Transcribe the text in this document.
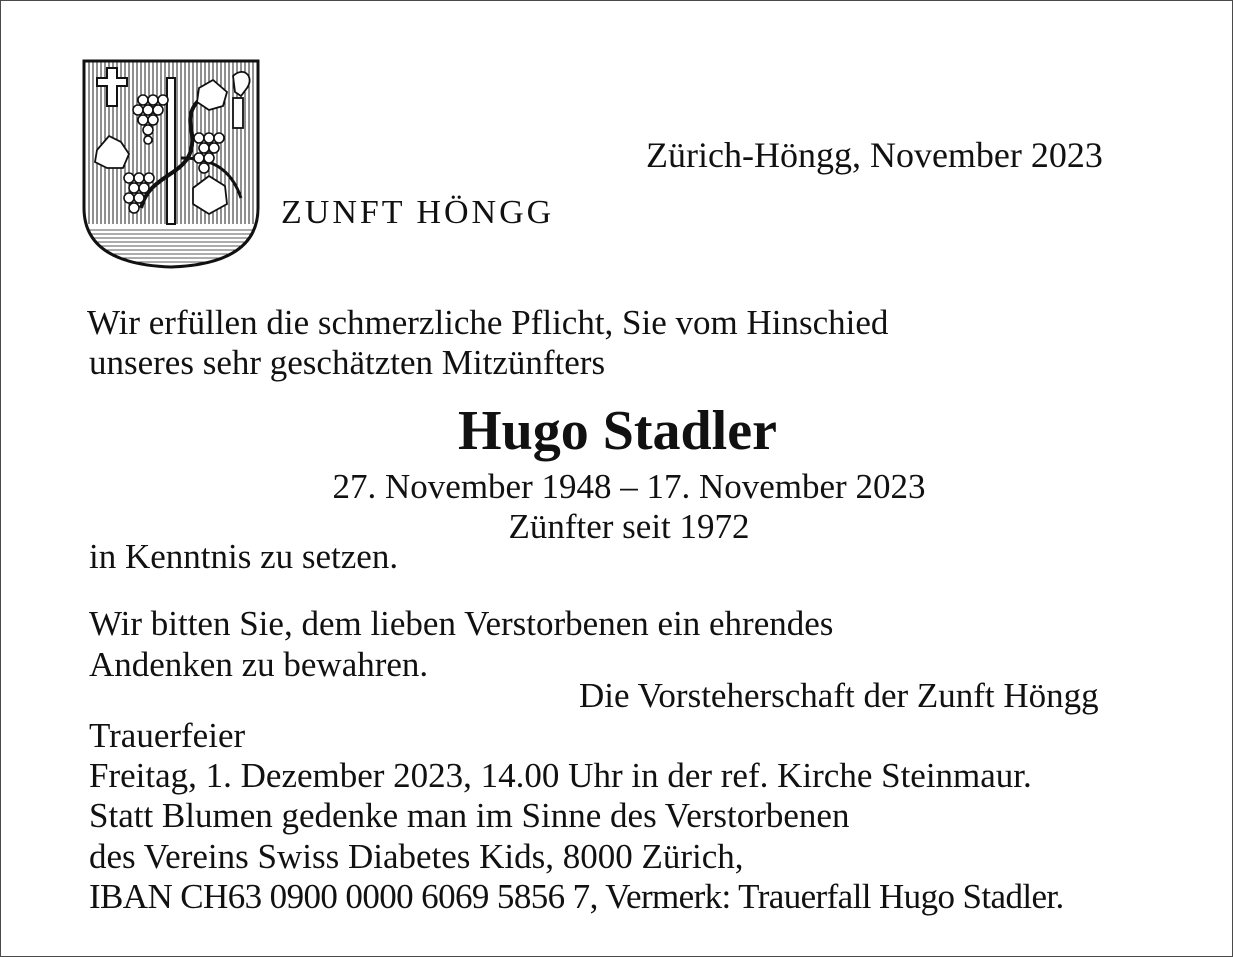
ZUNFT HÖNGG
Zürich-Höngg, November 2023
Wir erfüllen die schmerzliche Pflicht, Sie vom Hinschied
unseres sehr geschätzten Mitzünfters
Hugo Stadler
27. November 1948 – 17. November 2023
Zünfter seit 1972
in Kenntnis zu setzen.
Wir bitten Sie, dem lieben Verstorbenen ein ehrendes
Andenken zu bewahren.
Die Vorsteherschaft der Zunft Höngg
Trauerfeier
Freitag, 1. Dezember 2023, 14.00 Uhr in der ref. Kirche Steinmaur.
Statt Blumen gedenke man im Sinne des Verstorbenen
des Vereins Swiss Diabetes Kids, 8000 Zürich,
IBAN CH63 0900 0000 6069 5856 7, Vermerk: Trauerfall Hugo Stadler.
